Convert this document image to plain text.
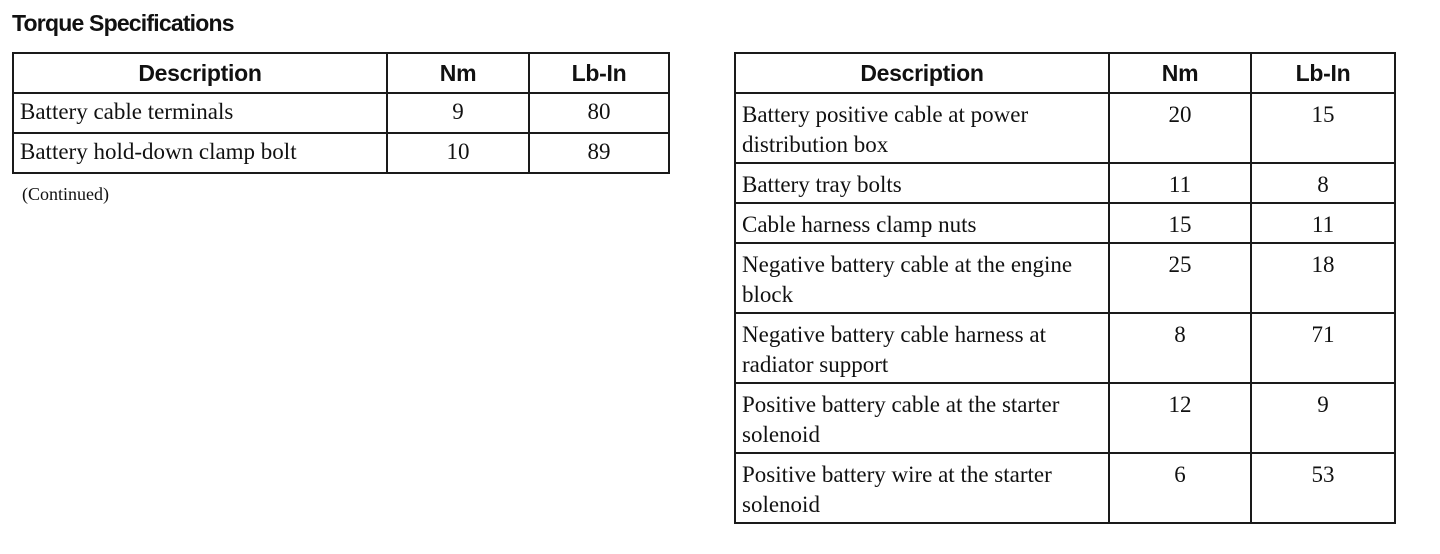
Torque Specifications
Description	Nm	Lb-In
Battery cable terminals	9	80
Battery hold-down clamp bolt	10	89
(Continued)
Description	Nm	Lb-In
Battery positive cable at power distribution box	20	15
Battery tray bolts	11	8
Cable harness clamp nuts	15	11
Negative battery cable at the engine block	25	18
Negative battery cable harness at radiator support	8	71
Positive battery cable at the starter solenoid	12	9
Positive battery wire at the starter solenoid	6	53
